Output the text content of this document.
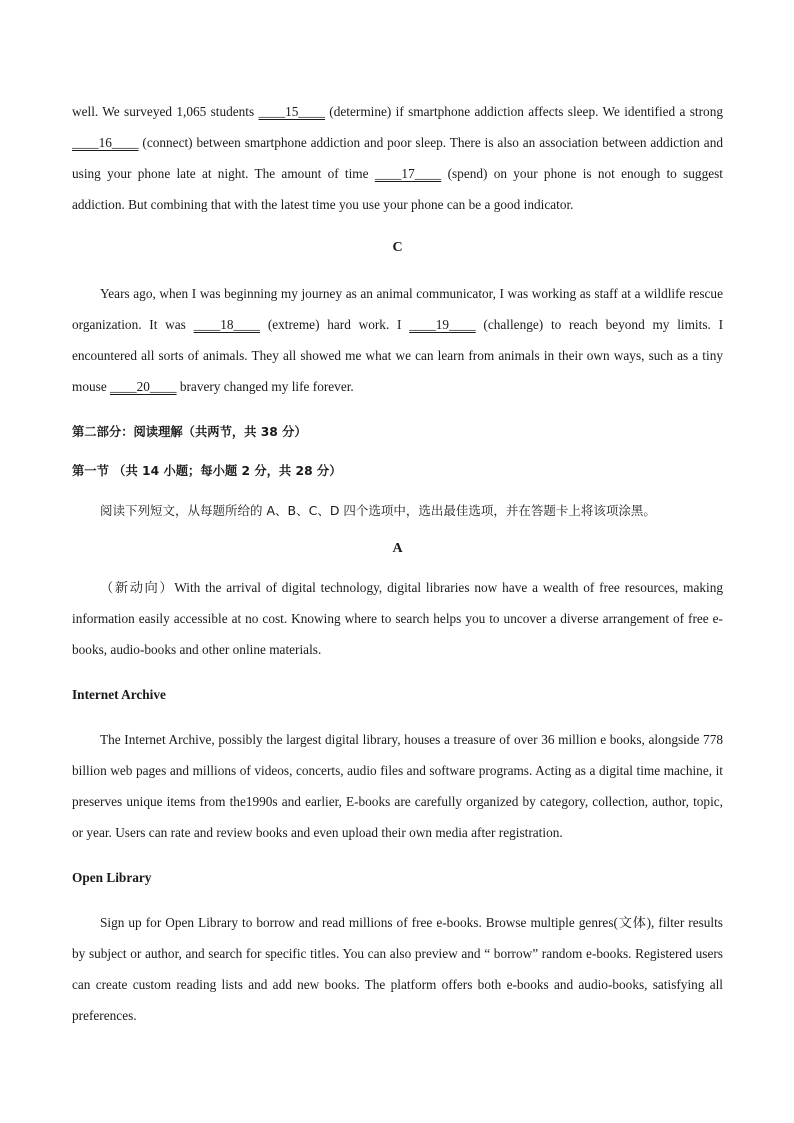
well. We surveyed 1,065 students ____15____ (determine) if smartphone addiction affects sleep. We identified a strong ____16____ (connect) between smartphone addiction and poor sleep. There is also an association between addiction and using your phone late at night. The amount of time ____17____ (spend) on your phone is not enough to suggest addiction. But combining that with the latest time you use your phone can be a good indicator.

C

Years ago, when I was beginning my journey as an animal communicator, I was working as staff at a wildlife rescue organization. It was ____18____ (extreme) hard work. I ____19____ (challenge) to reach beyond my limits. I encountered all sorts of animals. They all showed me what we can learn from animals in their own ways, such as a tiny mouse ____20____ bravery changed my life forever.

第二部分：阅读理解（共两节，共 38 分）
第一节 （共 14 小题；每小题 2 分，共 28 分）

阅读下列短文，从每题所给的 A、B、C、D 四个选项中，选出最佳选项，并在答题卡上将该项涂黑。

A

（新动向）With the arrival of digital technology, digital libraries now have a wealth of free resources, making information easily accessible at no cost. Knowing where to search helps you to uncover a diverse arrangement of free e-books, audio-books and other online materials.

Internet Archive

The Internet Archive, possibly the largest digital library, houses a treasure of over 36 million e books, alongside 778 billion web pages and millions of videos, concerts, audio files and software programs. Acting as a digital time machine, it preserves unique items from the1990s and earlier, E-books are carefully organized by category, collection, author, topic, or year. Users can rate and review books and even upload their own media after registration.

Open Library

Sign up for Open Library to borrow and read millions of free e-books. Browse multiple genres(文体), filter results by subject or author, and search for specific titles. You can also preview and “ borrow” random e-books. Registered users can create custom reading lists and add new books. The platform offers both e-books and audio-books, satisfying all preferences.
